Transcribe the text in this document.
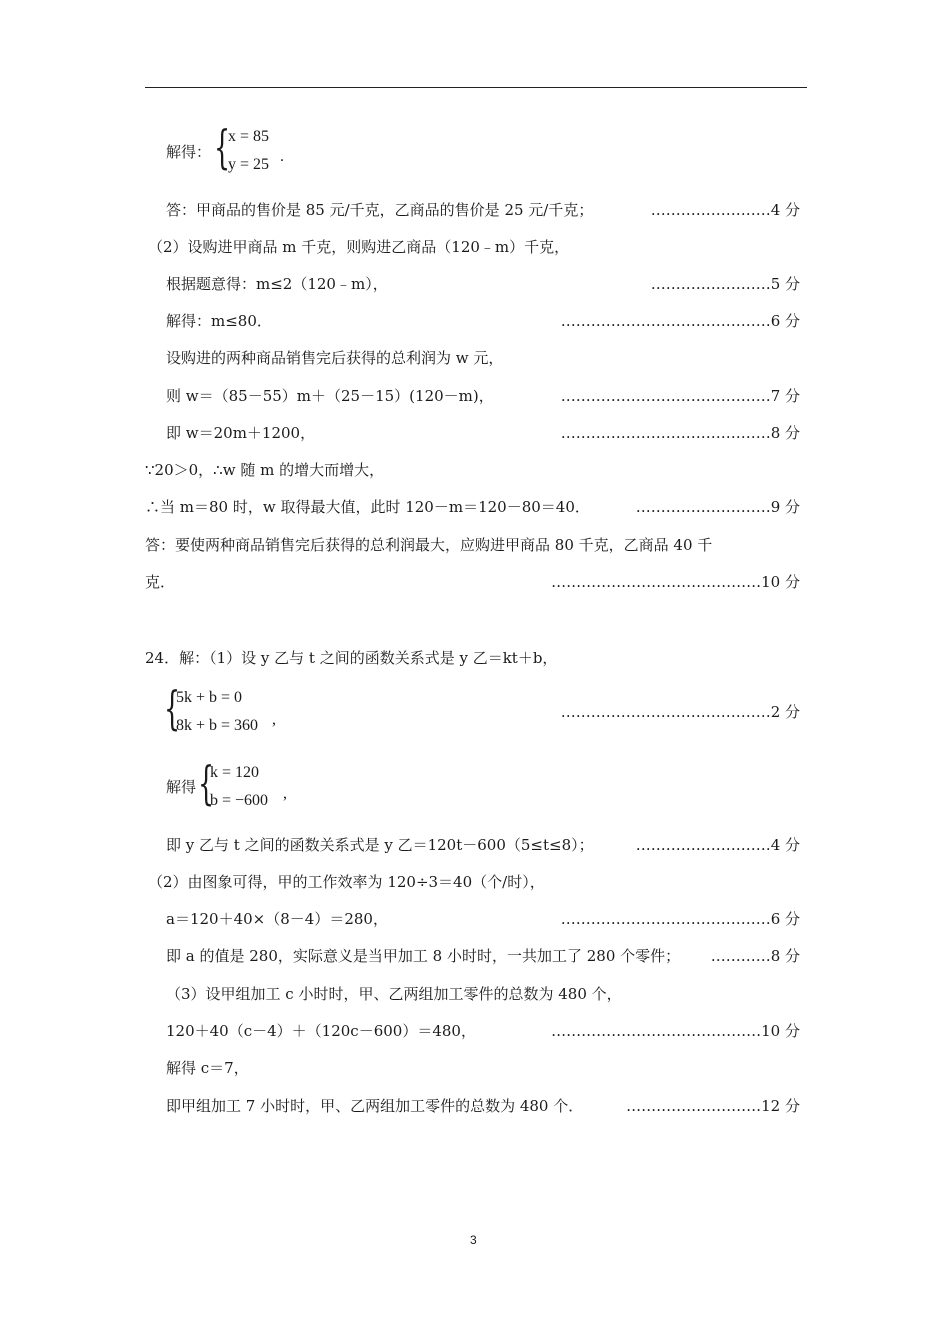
解得： {
x = 85
y = 25 .
答：甲商品的售价是 85 元/千克，乙商品的售价是 25 元/千克；
（2）设购进甲商品 m 千克，则购进乙商品（120﹣m）千克，
根据题意得：m≤2（120﹣m），
解得：m≤80．
设购进的两种商品销售完后获得的总利润为 w 元，
则 w＝（85－55）m＋（25－15）(120－m)，
即 w＝20m＋1200，
∵20＞0，∴w 随 m 的增大而增大，
∴当 m＝80 时，w 取得最大值，此时 120－m＝120－80＝40．
答：要使两种商品销售完后获得的总利润最大，应购进甲商品 80 千克，乙商品 40 千
克．
24．解：（1）设 y 乙与 t 之间的函数关系式是 y 乙＝kt＋b，
{
5k + b = 0
8k + b = 360 ,
解得 {
k = 120
b = −600 ,
即 y 乙与 t 之间的函数关系式是 y 乙＝120t－600（5≤t≤8）；
（2）由图象可得，甲的工作效率为 120÷3＝40（个/时），
a＝120＋40×（8－4）＝280，
即 a 的值是 280，实际意义是当甲加工 8 小时时，一共加工了 280 个零件；
（3）设甲组加工 c 小时时，甲、乙两组加工零件的总数为 480 个，
120＋40（c－4）＋（120c－600）＝480，
解得 c＝7，
即甲组加工 7 小时时，甲、乙两组加工零件的总数为 480 个．
……………………4 分
……………………5 分
……………………………………6 分
……………………………………7 分
……………………………………8 分
………………………9 分
……………………………………10 分
……………………………………2 分
………………………4 分
……………………………………6 分
…………8 分
……………………………………10 分
………………………12 分
3
